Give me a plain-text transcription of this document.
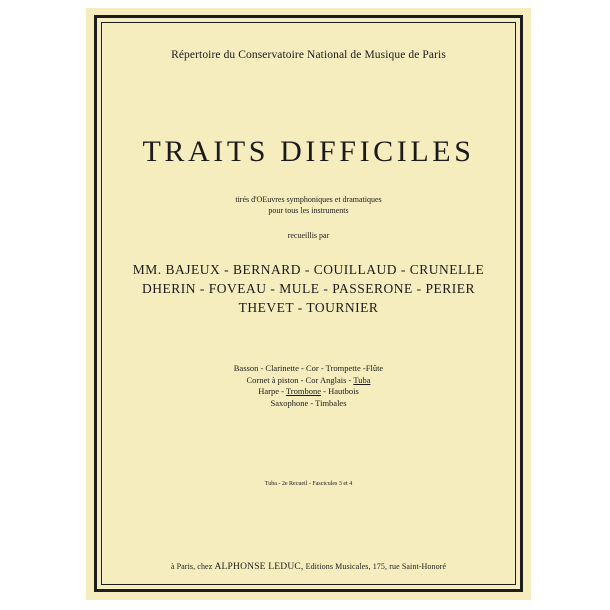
Répertoire du Conservatoire National de Musique de Paris
TRAITS DIFFICILES
tirés d'OEuvres symphoniques et dramatiques
pour tous les instruments
recueillis par
MM. BAJEUX - BERNARD - COUILLAUD - CRUNELLE
DHERIN - FOVEAU - MULE - PASSERONE - PERIER
THEVET - TOURNIER
Basson - Clarinette - Cor - Trompette -Flûte
Cornet à piston - Cor Anglais - Tuba
Harpe - Trombone - Hautbois
Saxophone - Timbales
Tuba - 2e Recueil - Fascicules 3 et 4
à Paris, chez ALPHONSE LEDUC, Editions Musicales, 175, rue Saint-Honoré
